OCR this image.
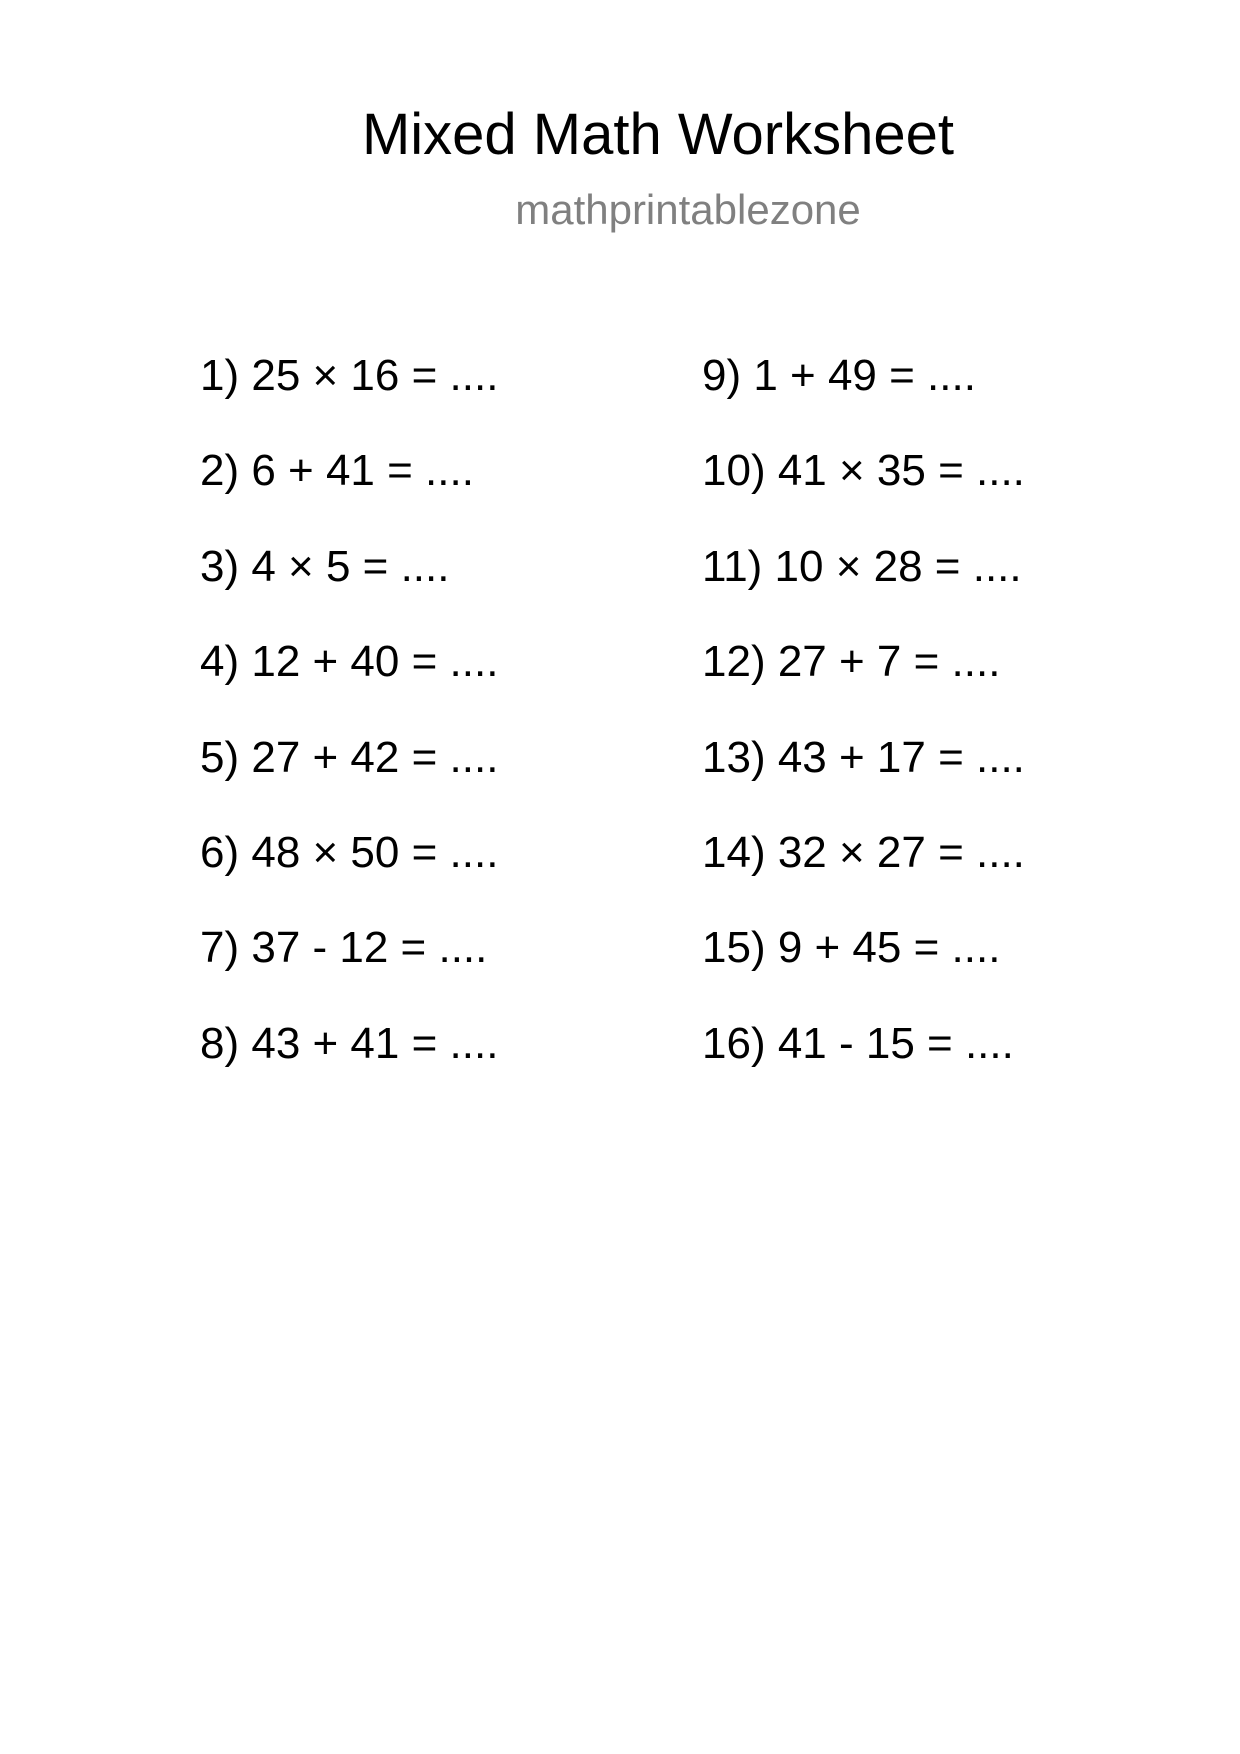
Mixed Math Worksheet
mathprintablezone
1) 25 × 16 = ....
2) 6 + 41 = ....
3) 4 × 5 = ....
4) 12 + 40 = ....
5) 27 + 42 = ....
6) 48 × 50 = ....
7) 37 - 12 = ....
8) 43 + 41 = ....
9) 1 + 49 = ....
10) 41 × 35 = ....
11) 10 × 28 = ....
12) 27 + 7 = ....
13) 43 + 17 = ....
14) 32 × 27 = ....
15) 9 + 45 = ....
16) 41 - 15 = ....
